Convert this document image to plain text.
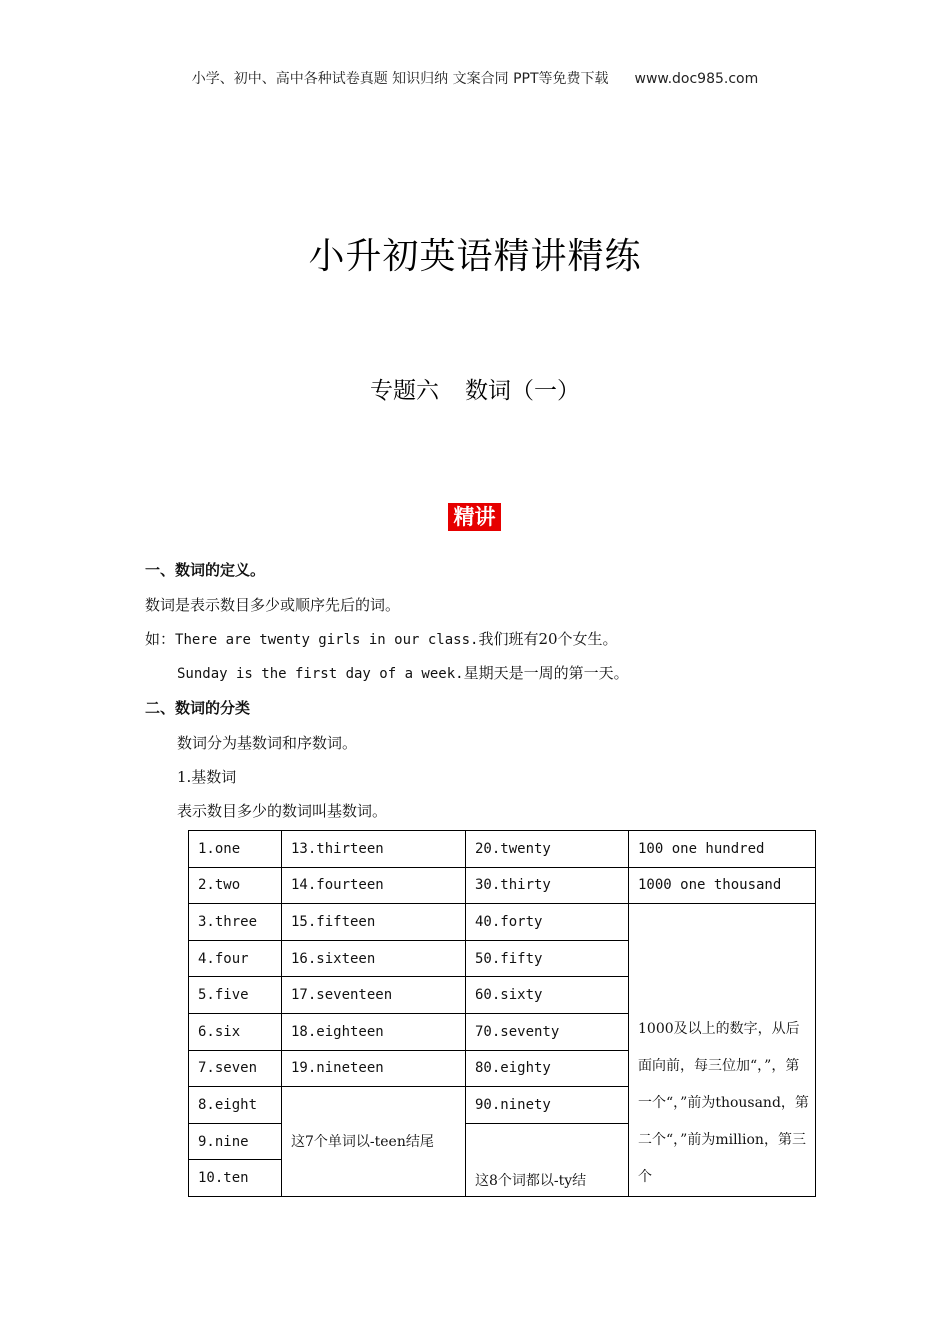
小学、初中、高中各种试卷真题 知识归纳 文案合同 PPT等免费下载 www.doc985.com
小升初英语精讲精练
专题六 数词（一）
精讲
一、数词的定义。
数词是表示数目多少或顺序先后的词。
如：There are twenty girls in our class.我们班有20个女生。
Sunday is the first day of a week.星期天是一周的第一天。
二、数词的分类
数词分为基数词和序数词。
1.基数词
表示数目多少的数词叫基数词。
1.one	13.thirteen	20.twenty	100 one hundred
2.two	14.fourteen	30.thirty	1000 one thousand
3.three	15.fifteen	40.forty	1000及以上的数字，从后面向前，每三位加“，”，第一个“，”前为thousand，第二个“，”前为million，第三个
4.four	16.sixteen	50.fifty	
5.five	17.seventeen	60.sixty	
6.six	18.eighteen	70.seventy	
7.seven	19.nineteen	80.eighty	
8.eight	这7个单词以-teen结尾	90.ninety	
9.nine		这8个词都以-ty结	
10.ten			
